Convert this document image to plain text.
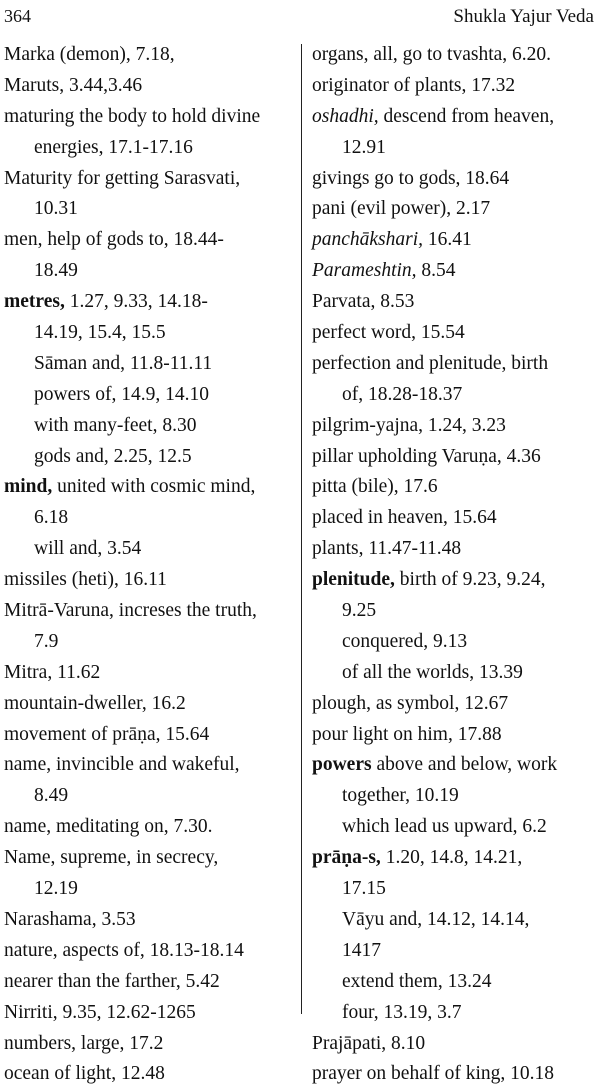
364	Shukla Yajur Veda
Marka (demon), 7.18,
Maruts, 3.44,3.46
maturing the body to hold divine
energies, 17.1-17.16
Maturity for getting Sarasvati,
10.31
men, help of gods to, 18.44-
18.49
metres, 1.27, 9.33, 14.18-
14.19, 15.4, 15.5
Sāman and, 11.8-11.11
powers of, 14.9, 14.10
with many-feet, 8.30
gods and, 2.25, 12.5
mind, united with cosmic mind,
6.18
will and, 3.54
missiles (heti), 16.11
Mitrā-Varuna, increses the truth,
7.9
Mitra, 11.62
mountain-dweller, 16.2
movement of prāṇa, 15.64
name, invincible and wakeful,
8.49
name, meditating on, 7.30.
Name, supreme, in secrecy,
12.19
Narashama, 3.53
nature, aspects of, 18.13-18.14
nearer than the farther, 5.42
Nirriti, 9.35, 12.62-1265
numbers, large, 17.2
ocean of light, 12.48
organs, all, go to tvashta, 6.20.
originator of plants, 17.32
oshadhi, descend from heaven,
12.91
givings go to gods, 18.64
pani (evil power), 2.17
panchākshari, 16.41
Parameshtin, 8.54
Parvata, 8.53
perfect word, 15.54
perfection and plenitude, birth
of, 18.28-18.37
pilgrim-yajna, 1.24, 3.23
pillar upholding Varuṇa, 4.36
pitta (bile), 17.6
placed in heaven, 15.64
plants, 11.47-11.48
plenitude, birth of 9.23, 9.24,
9.25
conquered, 9.13
of all the worlds, 13.39
plough, as symbol, 12.67
pour light on him, 17.88
powers above and below, work
together, 10.19
which lead us upward, 6.2
prāṇa-s, 1.20, 14.8, 14.21,
17.15
Vāyu and, 14.12, 14.14,
1417
extend them, 13.24
four, 13.19, 3.7
Prajāpati, 8.10
prayer on behalf of king, 10.18
